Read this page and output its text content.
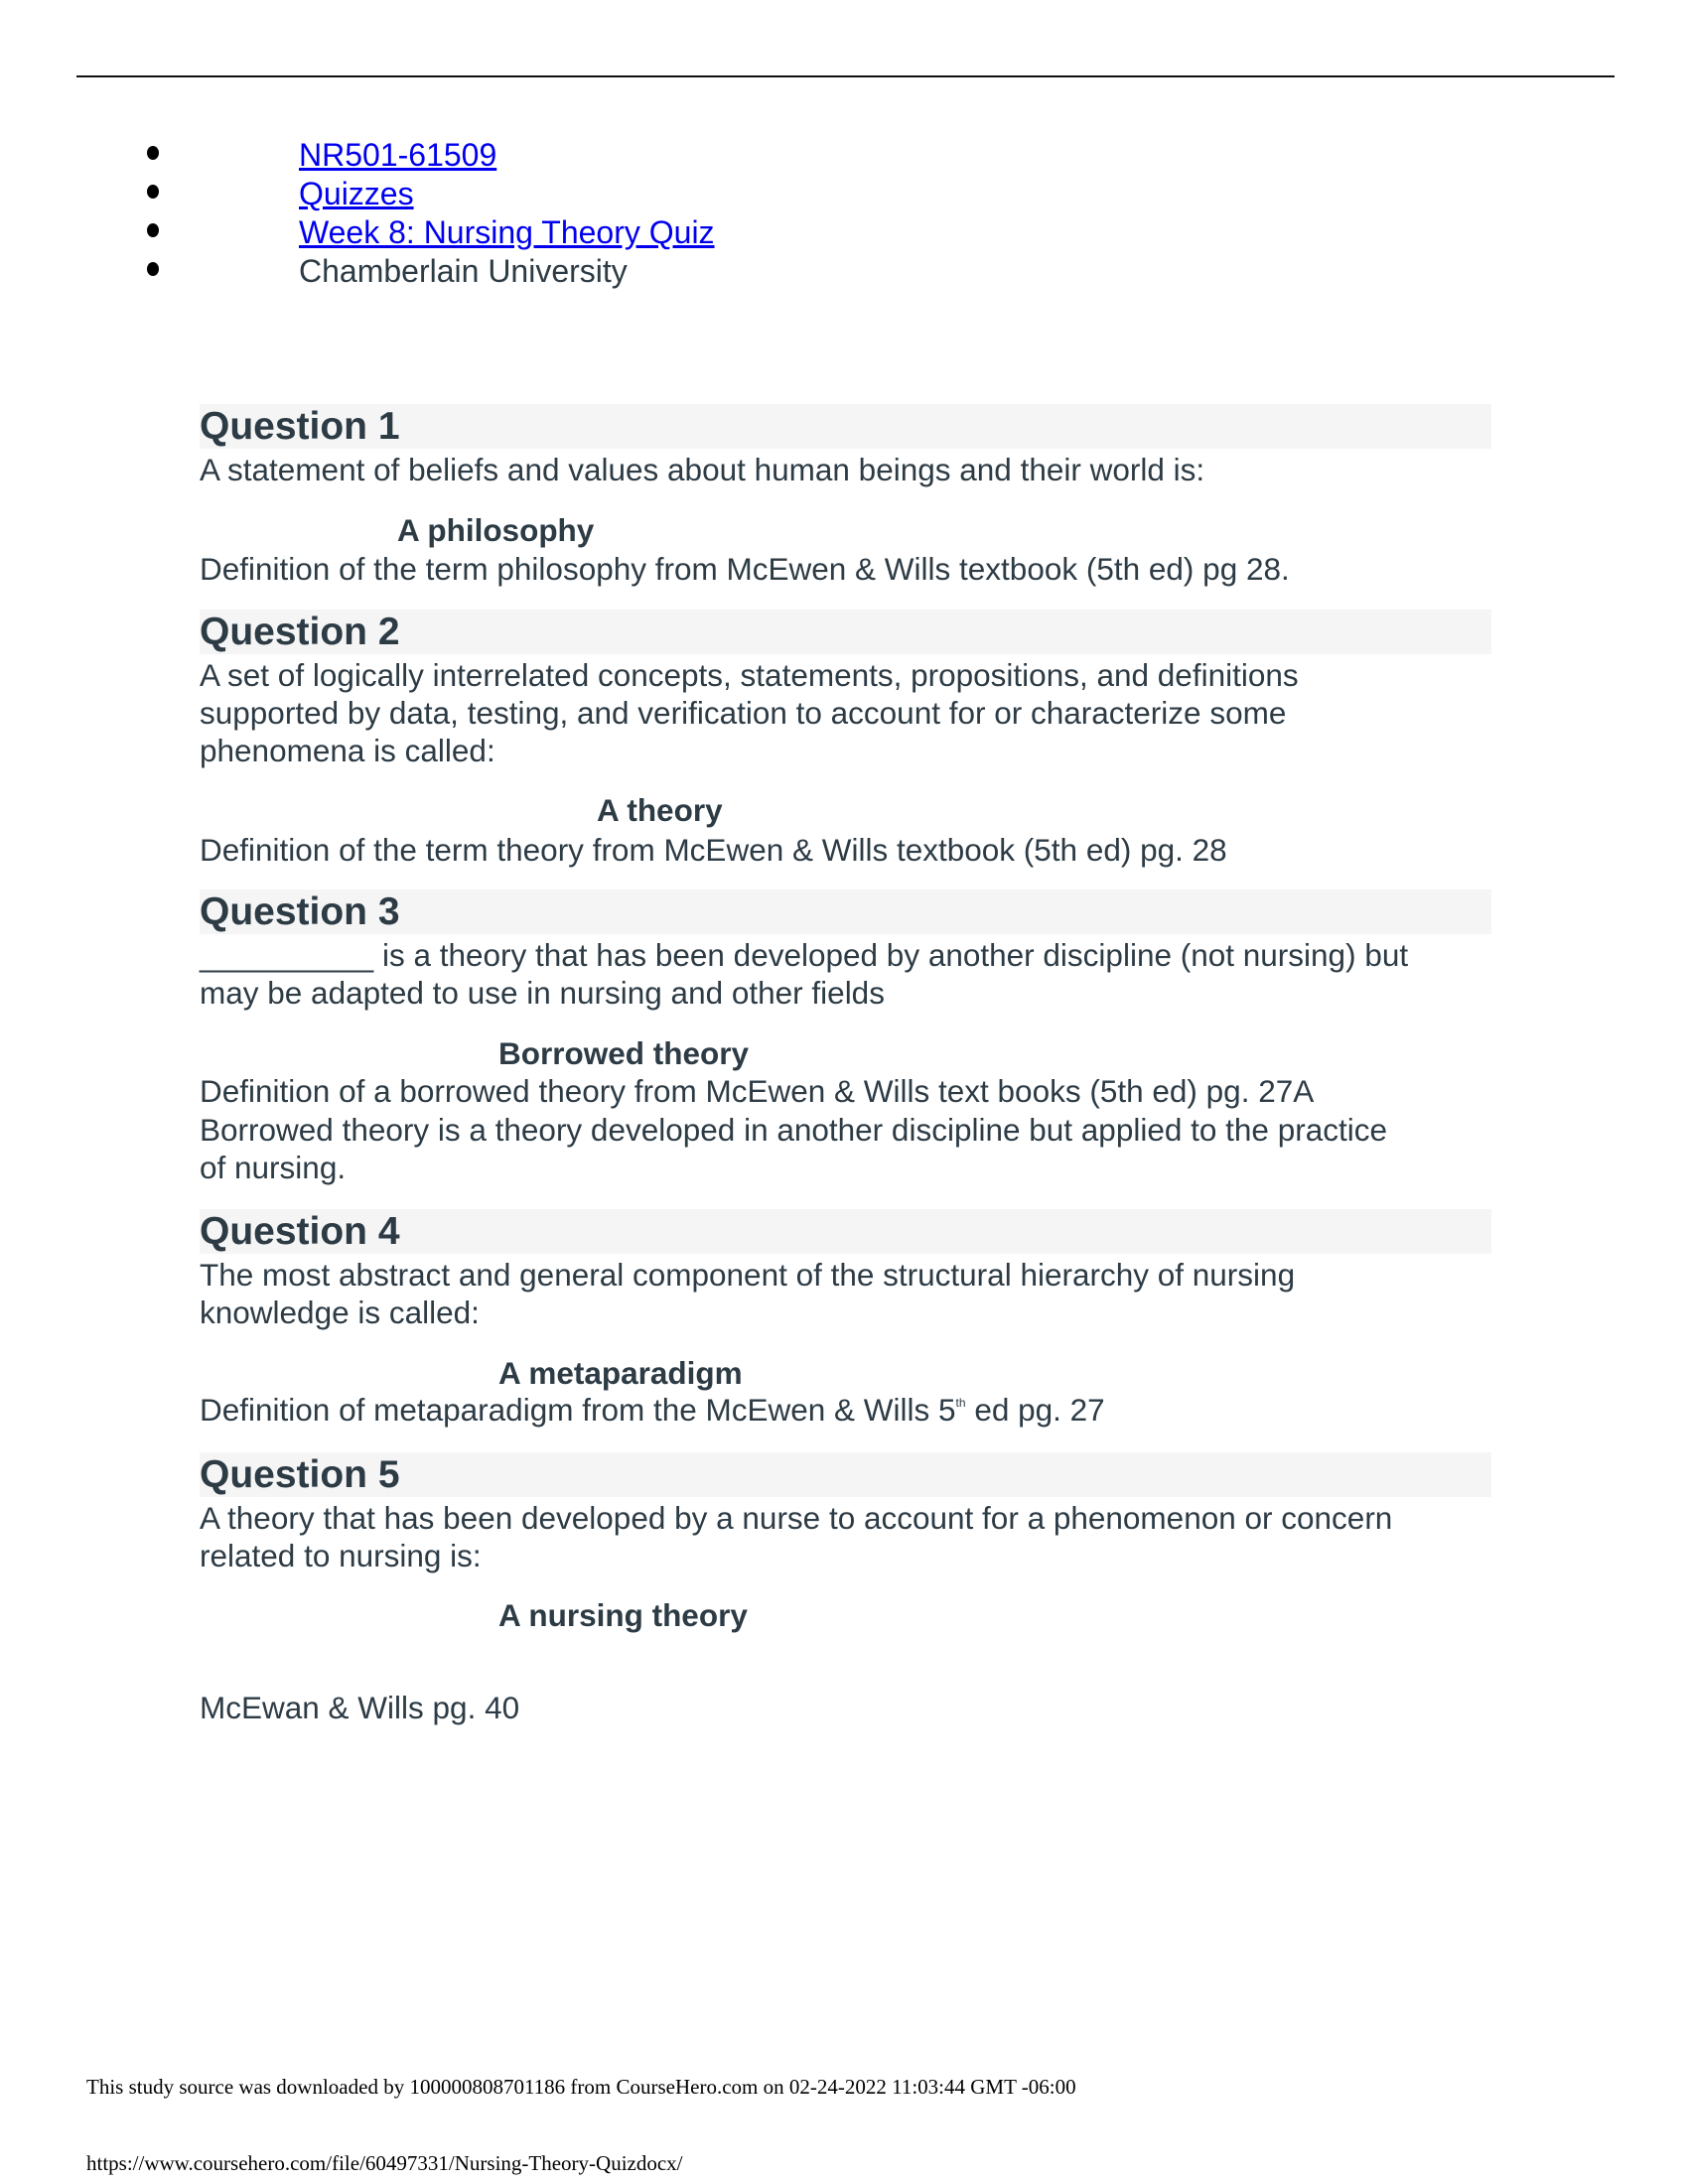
NR501-61509
Quizzes
Week 8: Nursing Theory Quiz
Chamberlain University
Question 1
A statement of beliefs and values about human beings and their world is:
A philosophy
Definition of the term philosophy from McEwen & Wills textbook (5th ed) pg 28.
Question 2
A set of logically interrelated concepts, statements, propositions, and definitions
supported by data, testing, and verification to account for or characterize some
phenomena is called:
A theory
Definition of the term theory from McEwen & Wills textbook (5th ed) pg. 28
Question 3
__________ is a theory that has been developed by another discipline (not nursing) but
may be adapted to use in nursing and other fields
Borrowed theory
Definition of a borrowed theory from McEwen & Wills text books (5th ed) pg. 27A
Borrowed theory is a theory developed in another discipline but applied to the practice
of nursing.
Question 4
The most abstract and general component of the structural hierarchy of nursing
knowledge is called:
A metaparadigm
Definition of metaparadigm from the McEwen & Wills 5th ed pg. 27
Question 5
A theory that has been developed by a nurse to account for a phenomenon or concern
related to nursing is:
A nursing theory
McEwan & Wills pg. 40
This study source was downloaded by 100000808701186 from CourseHero.com on 02-24-2022 11:03:44 GMT -06:00
https://www.coursehero.com/file/60497331/Nursing-Theory-Quizdocx/
